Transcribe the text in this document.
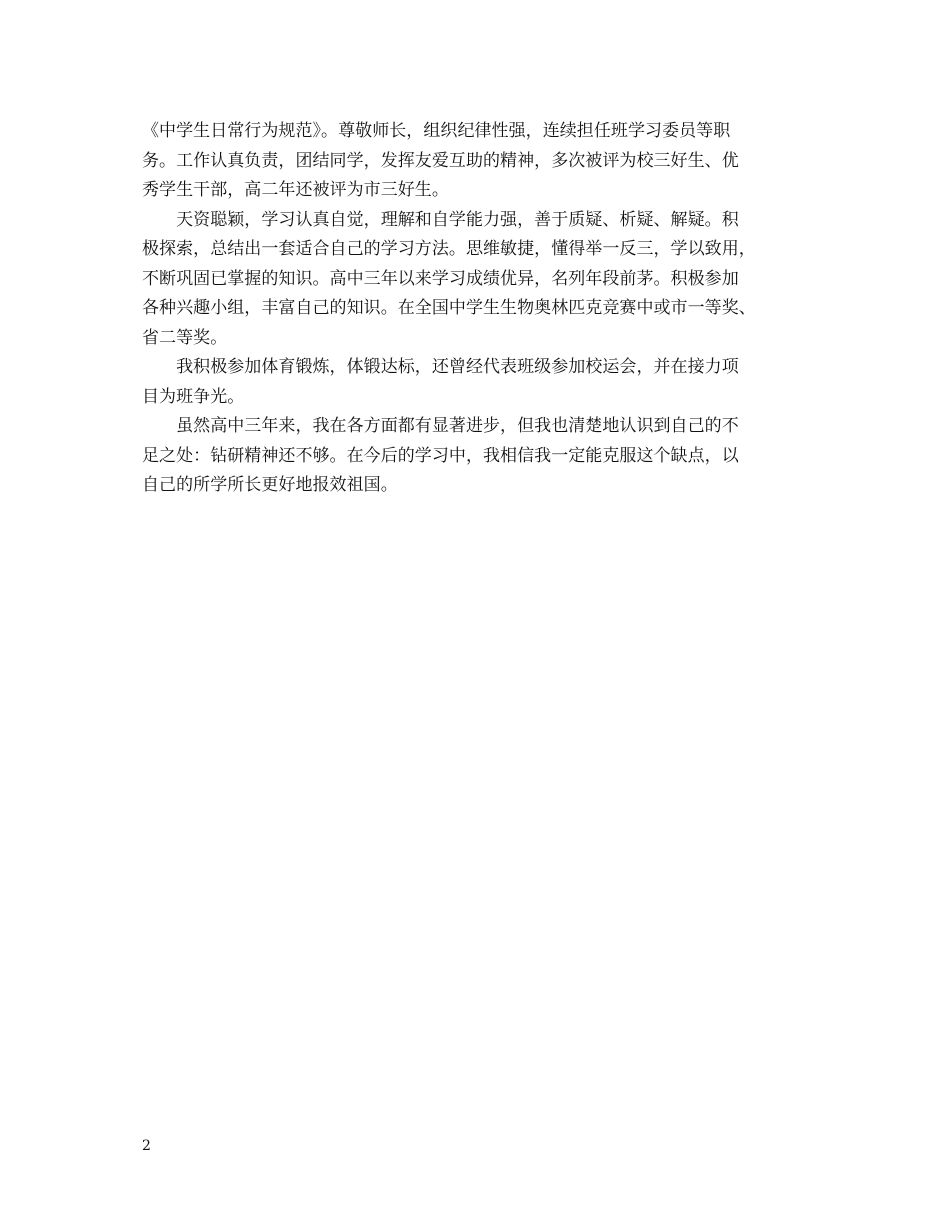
《中学生日常行为规范》。尊敬师长，组织纪律性强，连续担任班学习委员等职
务。工作认真负责，团结同学，发挥友爱互助的精神，多次被评为校三好生、优
秀学生干部，高二年还被评为市三好生。
　　天资聪颖，学习认真自觉，理解和自学能力强，善于质疑、析疑、解疑。积
极探索，总结出一套适合自己的学习方法。思维敏捷，懂得举一反三，学以致用，
不断巩固已掌握的知识。高中三年以来学习成绩优异，名列年段前茅。积极参加
各种兴趣小组，丰富自己的知识。在全国中学生生物奥林匹克竞赛中或市一等奖、
省二等奖。
　　我积极参加体育锻炼，体锻达标，还曾经代表班级参加校运会，并在接力项
目为班争光。
　　虽然高中三年来，我在各方面都有显著进步，但我也清楚地认识到自己的不
足之处：钻研精神还不够。在今后的学习中，我相信我一定能克服这个缺点，以
自己的所学所长更好地报效祖国。
2
